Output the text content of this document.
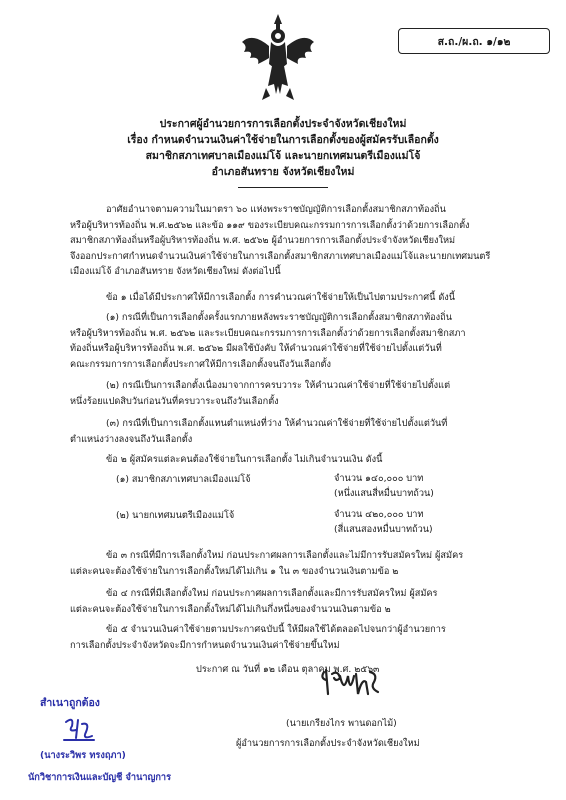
ส.ถ./ผ.ถ. ๑/๑๒
ประกาศผู้อำนวยการการเลือกตั้งประจำจังหวัดเชียงใหม่
เรื่อง กำหนดจำนวนเงินค่าใช้จ่ายในการเลือกตั้งของผู้สมัครรับเลือกตั้ง
สมาชิกสภาเทศบาลเมืองแม่โจ้ และนายกเทศมนตรีเมืองแม่โจ้
อำเภอสันทราย จังหวัดเชียงใหม่
อาศัยอำนาจตามความในมาตรา ๖๐ แห่งพระราชบัญญัติการเลือกตั้งสมาชิกสภาท้องถิ่น
หรือผู้บริหารท้องถิ่น พ.ศ.๒๕๖๒ และข้อ ๑๑๙ ของระเบียบคณะกรรมการการเลือกตั้งว่าด้วยการเลือกตั้ง
สมาชิกสภาท้องถิ่นหรือผู้บริหารท้องถิ่น พ.ศ. ๒๕๖๒ ผู้อำนวยการการเลือกตั้งประจำจังหวัดเชียงใหม่
จึงออกประกาศกำหนดจำนวนเงินค่าใช้จ่ายในการเลือกตั้งสมาชิกสภาเทศบาลเมืองแม่โจ้และนายกเทศมนตรี
เมืองแม่โจ้ อำเภอสันทราย จังหวัดเชียงใหม่ ดังต่อไปนี้
ข้อ ๑ เมื่อได้มีประกาศให้มีการเลือกตั้ง การคำนวณค่าใช้จ่ายให้เป็นไปตามประกาศนี้ ดังนี้
(๑) กรณีที่เป็นการเลือกตั้งครั้งแรกภายหลังพระราชบัญญัติการเลือกตั้งสมาชิกสภาท้องถิ่น
หรือผู้บริหารท้องถิ่น พ.ศ. ๒๕๖๒ และระเบียบคณะกรรมการการเลือกตั้งว่าด้วยการเลือกตั้งสมาชิกสภา
ท้องถิ่นหรือผู้บริหารท้องถิ่น พ.ศ. ๒๕๖๒ มีผลใช้บังคับ ให้คำนวณค่าใช้จ่ายที่ใช้จ่ายไปตั้งแต่วันที่
คณะกรรมการการเลือกตั้งประกาศให้มีการเลือกตั้งจนถึงวันเลือกตั้ง
(๒) กรณีเป็นการเลือกตั้งเนื่องมาจากการครบวาระ ให้คำนวณค่าใช้จ่ายที่ใช้จ่ายไปตั้งแต่
หนึ่งร้อยแปดสิบวันก่อนวันที่ครบวาระจนถึงวันเลือกตั้ง
(๓) กรณีที่เป็นการเลือกตั้งแทนตำแหน่งที่ว่าง ให้คำนวณค่าใช้จ่ายที่ใช้จ่ายไปตั้งแต่วันที่
ตำแหน่งว่างลงจนถึงวันเลือกตั้ง
ข้อ ๒ ผู้สมัครแต่ละคนต้องใช้จ่ายในการเลือกตั้ง ไม่เกินจำนวนเงิน ดังนี้
(๑) สมาชิกสภาเทศบาลเมืองแม่โจ้	จำนวน ๑๔๐,๐๐๐ บาท
(หนึ่งแสนสี่หมื่นบาทถ้วน)
(๒) นายกเทศมนตรีเมืองแม่โจ้	จำนวน ๔๒๐,๐๐๐ บาท
(สี่แสนสองหมื่นบาทถ้วน)
ข้อ ๓ กรณีที่มีการเลือกตั้งใหม่ ก่อนประกาศผลการเลือกตั้งและไม่มีการรับสมัครใหม่ ผู้สมัคร
แต่ละคนจะต้องใช้จ่ายในการเลือกตั้งใหม่ได้ไม่เกิน ๑ ใน ๓ ของจำนวนเงินตามข้อ ๒
ข้อ ๔ กรณีที่มีเลือกตั้งใหม่ ก่อนประกาศผลการเลือกตั้งและมีการรับสมัครใหม่ ผู้สมัคร
แต่ละคนจะต้องใช้จ่ายในการเลือกตั้งใหม่ได้ไม่เกินกึ่งหนึ่งของจำนวนเงินตามข้อ ๒
ข้อ ๕ จำนวนเงินค่าใช้จ่ายตามประกาศฉบับนี้ ให้มีผลใช้ได้ตลอดไปจนกว่าผู้อำนวยการ
การเลือกตั้งประจำจังหวัดจะมีการกำหนดจำนวนเงินค่าใช้จ่ายขึ้นใหม่
ประกาศ ณ วันที่ ๑๒ เดือน ตุลาคม พ.ศ. ๒๕๖๓
(นายเกรียงไกร พานดอกไม้)
ผู้อำนวยการการเลือกตั้งประจำจังหวัดเชียงใหม่
สำเนาถูกต้อง
(นางระวิพร ทรงฤภา)
นักวิชาการเงินและบัญชี จำนาญการ
